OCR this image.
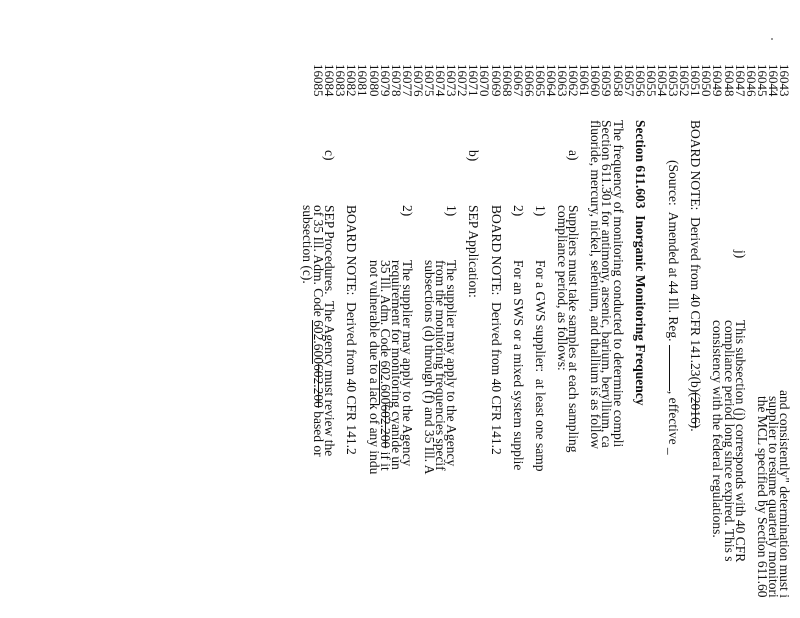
16043
16044
16045
16046
16047
16048
16049
16050
16051
16052
16053
16054
16055
16056
16057
16058
16059
16060
16061
16062
16063
16064
16065
16066
16067
16068
16069
16070
16071
16072
16073
16074
16075
16076
16077
16078
16079
16080
16081
16082
16083
16084
16085
and consistently" determination must i
supplier to resume quarterly monitori
the MCL specified by Section 611.60
j)
This subsection (j) corresponds with 40 CFR
compliance period long since expired. This s
consistency with the federal regulations.
BOARD NOTE:  Derived from 40 CFR 141.23(b)(2016).
(Source:  Amended at 44 Ill. Reg. , effective _
Section 611.603  Inorganic Monitoring Frequency
The frequency of monitoring conducted to determine compli
Section 611.301 for antimony, arsenic, barium, beryllium, ca
fluoride, mercury, nickel, selenium, and thallium is as follow
a)
Suppliers must take samples at each sampling
compliance period, as follows:
1)
For a GWS supplier:  at least one samp
2)
For an SWS or a mixed system supplie
BOARD NOTE:  Derived from 40 CFR 141.2
b)
SEP Application:
1)
The supplier may apply to the Agency
from the monitoring frequencies specif
subsections (d) through (f) and 35 Ill. A
2)
The supplier may apply to the Agency
requirement for monitoring cyanide un
35 Ill. Adm. Code 602.600602.200 if it
not vulnerable due to a lack of any indu
BOARD NOTE:  Derived from 40 CFR 141.2
c)
SEP Procedures.  The Agency must review the
of 35 Ill. Adm. Code 602.600602.200 based or
subsection (c).
